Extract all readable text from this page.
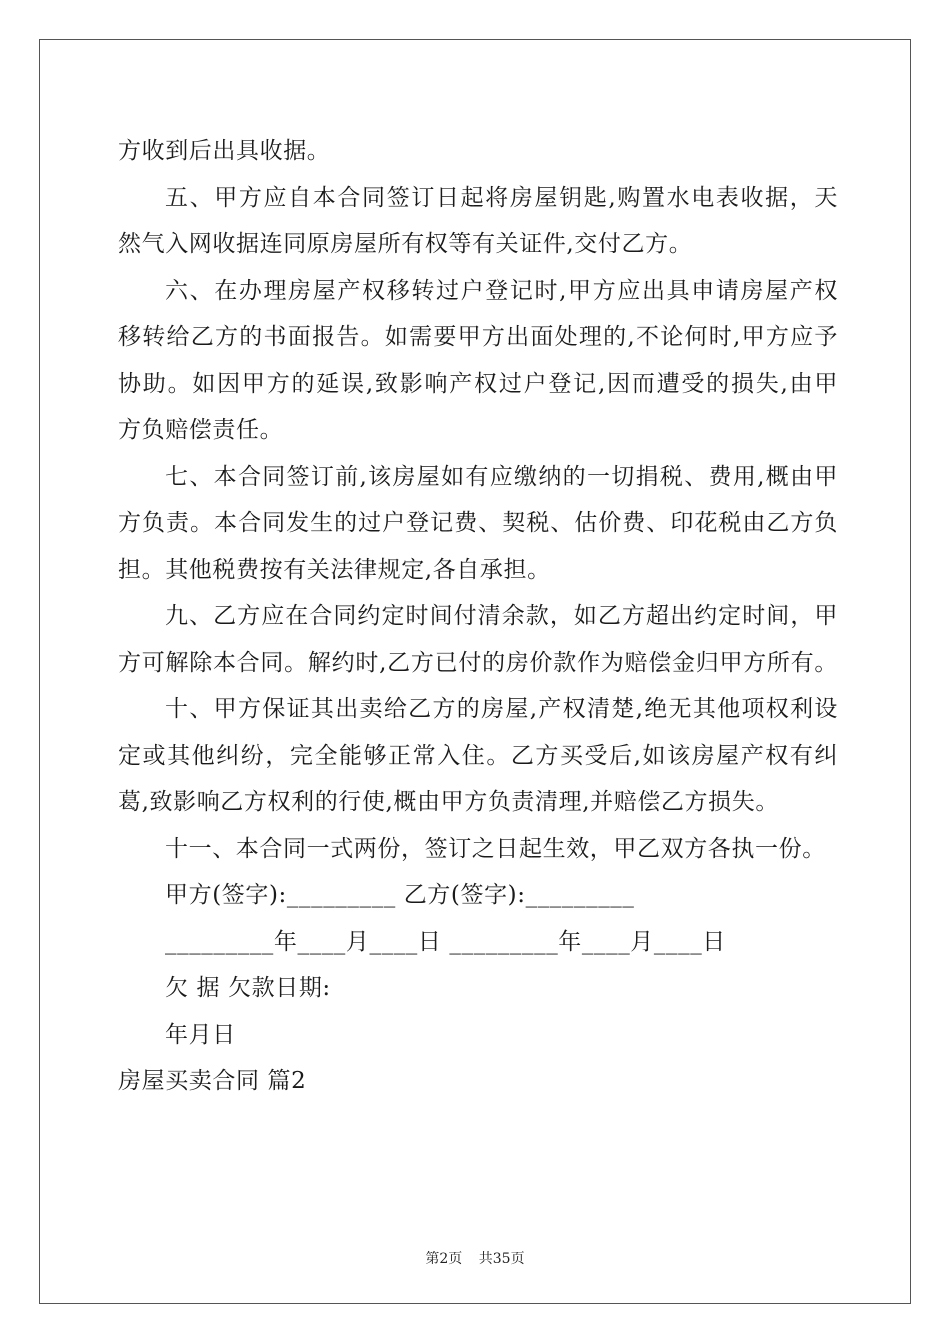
方收到后出具收据。
五、甲方应自本合同签订日起将房屋钥匙,购置水电表收据，天
然气入网收据连同原房屋所有权等有关证件,交付乙方。
六、在办理房屋产权移转过户登记时,甲方应出具申请房屋产权
移转给乙方的书面报告。如需要甲方出面处理的,不论何时,甲方应予
协助。如因甲方的延误,致影响产权过户登记,因而遭受的损失,由甲
方负赔偿责任。
七、本合同签订前,该房屋如有应缴纳的一切捐税、费用,概由甲
方负责。本合同发生的过户登记费、契税、估价费、印花税由乙方负
担。其他税费按有关法律规定,各自承担。
九、乙方应在合同约定时间付清余款，如乙方超出约定时间，甲
方可解除本合同。解约时,乙方已付的房价款作为赔偿金归甲方所有。
十、甲方保证其出卖给乙方的房屋,产权清楚,绝无其他项权利设
定或其他纠纷，完全能够正常入住。乙方买受后,如该房屋产权有纠
葛,致影响乙方权利的行使,概由甲方负责清理,并赔偿乙方损失。
十一、本合同一式两份，签订之日起生效，甲乙双方各执一份。
甲方(签字):_________ 乙方(签字):_________
_________年____月____日 _________年____月____日
欠 据 欠款日期:
年月日
房屋买卖合同 篇2
第2页 共35页
